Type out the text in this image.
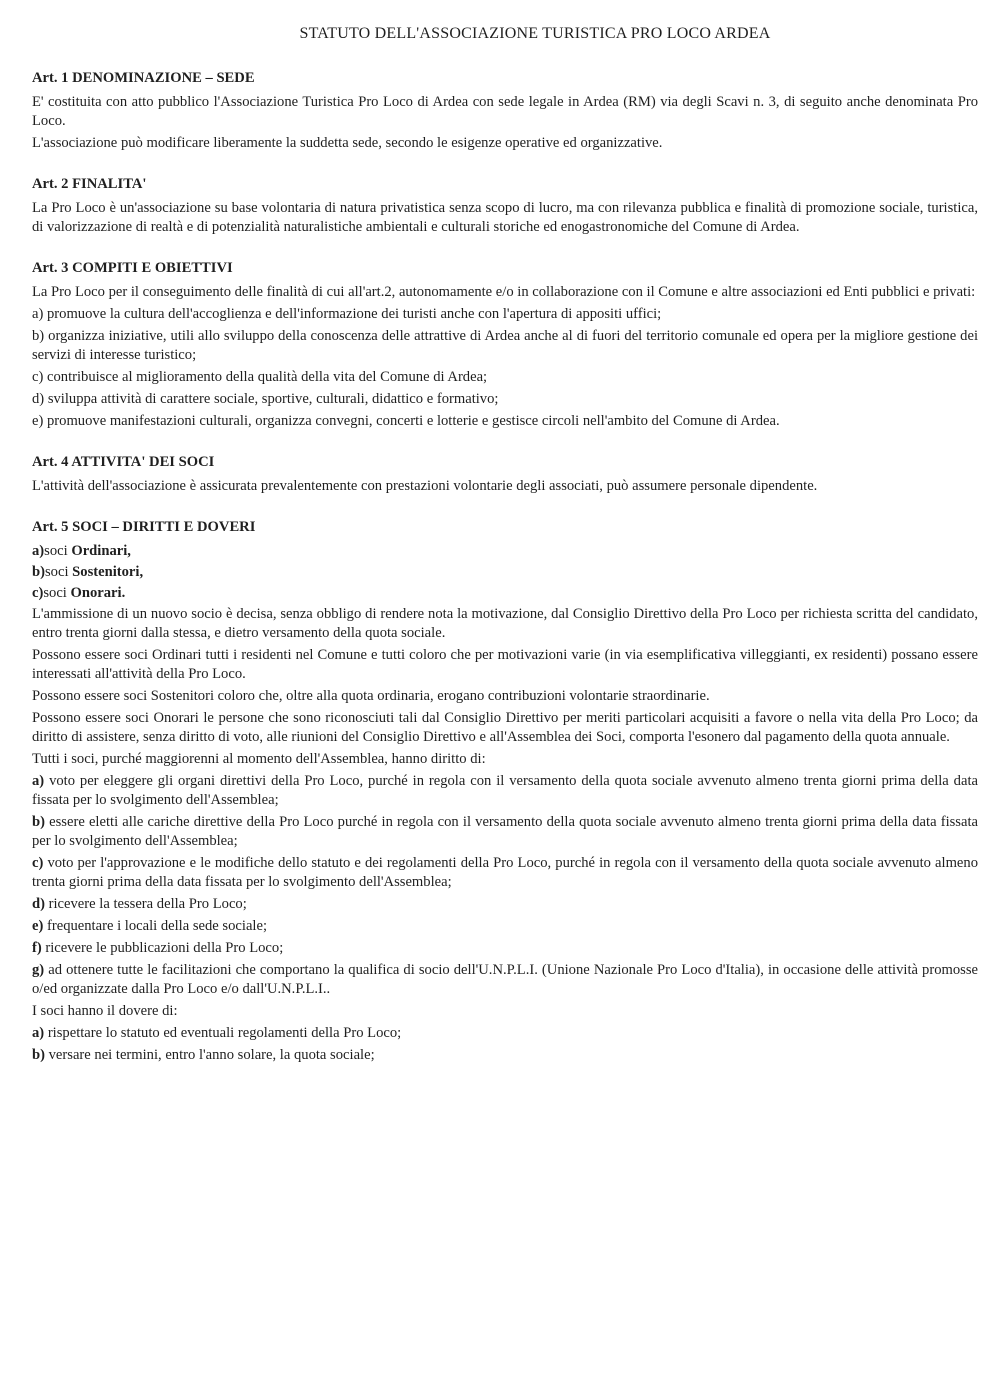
STATUTO DELL'ASSOCIAZIONE TURISTICA PRO LOCO ARDEA
Art. 1 DENOMINAZIONE – SEDE

E' costituita con atto pubblico l'Associazione Turistica Pro Loco di Ardea con sede legale in Ardea (RM) via degli Scavi n. 3, di seguito anche denominata Pro Loco.

L'associazione può modificare liberamente la suddetta sede, secondo le esigenze operative ed organizzative.

Art. 2 FINALITA'

La Pro Loco è un'associazione su base volontaria di natura privatistica senza scopo di lucro, ma con rilevanza pubblica e finalità di promozione sociale, turistica, di valorizzazione di realtà e di potenzialità naturalistiche ambientali e culturali storiche ed enogastronomiche del Comune di Ardea.

Art. 3 COMPITI E OBIETTIVI

La Pro Loco per il conseguimento delle finalità di cui all'art.2, autonomamente e/o in collaborazione con il Comune e altre associazioni ed Enti pubblici e privati:

a) promuove la cultura dell'accoglienza e dell'informazione dei turisti anche con l'apertura di appositi uffici;
b) organizza iniziative, utili allo sviluppo della conoscenza delle attrattive di Ardea anche al di fuori del territorio comunale ed opera per la migliore gestione dei servizi di interesse turistico;
c) contribuisce al miglioramento della qualità della vita del Comune di Ardea;
d) sviluppa attività di carattere sociale, sportive, culturali, didattico e formativo;
e) promuove manifestazioni culturali, organizza convegni, concerti e lotterie e gestisce circoli nell'ambito del Comune di Ardea.
Art. 4 ATTIVITA' DEI SOCI

L'attività dell'associazione è assicurata prevalentemente con prestazioni volontarie degli associati, può assumere personale dipendente.

Art. 5 SOCI – DIRITTI E DOVERI
a)soci Ordinari,
b)soci Sostenitori,
c)soci Onorari.

L'ammissione di un nuovo socio è decisa, senza obbligo di rendere nota la motivazione, dal Consiglio Direttivo della Pro Loco per richiesta scritta del candidato, entro trenta giorni dalla stessa, e dietro versamento della quota sociale.

Possono essere soci Ordinari tutti i residenti nel Comune e tutti coloro che per motivazioni varie (in via esemplificativa villeggianti, ex residenti) possano essere interessati all'attività della Pro Loco.

Possono essere soci Sostenitori coloro che, oltre alla quota ordinaria, erogano contribuzioni volontarie straordinarie.

Possono essere soci Onorari le persone che sono riconosciuti tali dal Consiglio Direttivo per meriti particolari acquisiti a favore o nella vita della Pro Loco; da diritto di assistere, senza diritto di voto, alle riunioni del Consiglio Direttivo e all'Assemblea dei Soci, comporta l'esonero dal pagamento della quota annuale.

Tutti i soci, purché maggiorenni al momento dell'Assemblea, hanno diritto di:

a) voto per eleggere gli organi direttivi della Pro Loco, purché in regola con il versamento della quota sociale avvenuto almeno trenta giorni prima della data fissata per lo svolgimento dell'Assemblea;
b) essere eletti alle cariche direttive della Pro Loco purché in regola con il versamento della quota sociale avvenuto almeno trenta giorni prima della data fissata per lo svolgimento dell'Assemblea;
c) voto per l'approvazione e le modifiche dello statuto e dei regolamenti della Pro Loco, purché in regola con il versamento della quota sociale avvenuto almeno trenta giorni prima della data fissata per lo svolgimento dell'Assemblea;
d) ricevere la tessera della Pro Loco;
e) frequentare i locali della sede sociale;
f) ricevere le pubblicazioni della Pro Loco;
g) ad ottenere tutte le facilitazioni che comportano la qualifica di socio dell'U.N.P.L.I. (Unione Nazionale Pro Loco d'Italia), in occasione delle attività promosse o/ed organizzate dalla Pro Loco e/o dall'U.N.P.L.I..

I soci hanno il dovere di:

a) rispettare lo statuto ed eventuali regolamenti della Pro Loco;
b) versare nei termini, entro l'anno solare, la quota sociale;
